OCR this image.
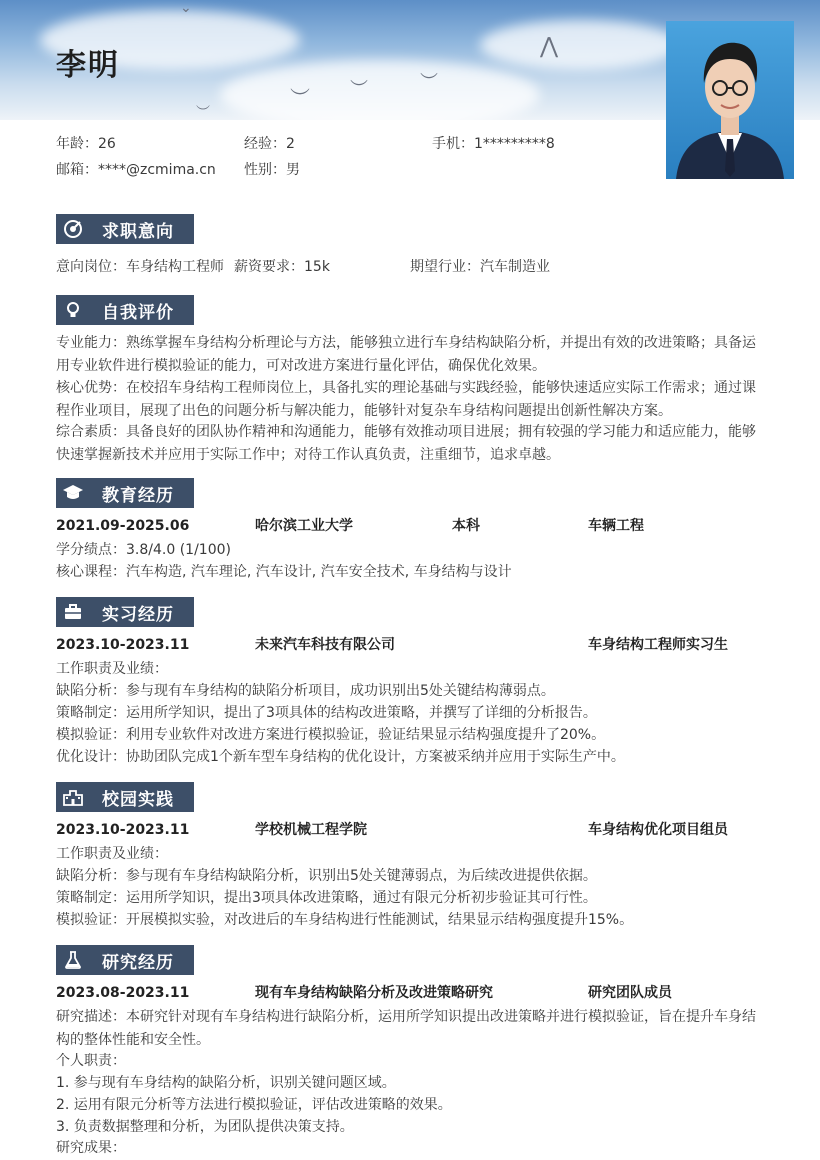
⌄
︶ ︶	︶
⋀
︶
李明
年龄：26	经验：2	手机：1*********8
邮箱：****@zcmima.cn 性别：男
求职意向
意向岗位：车身结构工程师 薪资要求：15k	期望行业：汽车制造业
自我评价
专业能力：熟练掌握车身结构分析理论与方法，能够独立进行车身结构缺陷分析，并提出有效的改进策略；具备运用专业软件进行模拟验证的能力，可对改进方案进行量化评估，确保优化效果。
核心优势：在校招车身结构工程师岗位上，具备扎实的理论基础与实践经验，能够快速适应实际工作需求；通过课程作业项目，展现了出色的问题分析与解决能力，能够针对复杂车身结构问题提出创新性解决方案。
综合素质：具备良好的团队协作精神和沟通能力，能够有效推动项目进展；拥有较强的学习能力和适应能力，能够快速掌握新技术并应用于实际工作中；对待工作认真负责，注重细节，追求卓越。
教育经历
2021.09-2025.06	哈尔滨工业大学	本科	车辆工程
学分绩点：3.8/4.0 (1/100)
核心课程：汽车构造, 汽车理论, 汽车设计, 汽车安全技术, 车身结构与设计
实习经历
2023.10-2023.11	未来汽车科技有限公司	车身结构工程师实习生
工作职责及业绩：
缺陷分析：参与现有车身结构的缺陷分析项目，成功识别出5处关键结构薄弱点。
策略制定：运用所学知识，提出了3项具体的结构改进策略，并撰写了详细的分析报告。
模拟验证：利用专业软件对改进方案进行模拟验证，验证结果显示结构强度提升了20%。
优化设计：协助团队完成1个新车型车身结构的优化设计，方案被采纳并应用于实际生产中。
校园实践
2023.10-2023.11	学校机械工程学院	车身结构优化项目组员
工作职责及业绩：
缺陷分析：参与现有车身结构缺陷分析，识别出5处关键薄弱点，为后续改进提供依据。
策略制定：运用所学知识，提出3项具体改进策略，通过有限元分析初步验证其可行性。
模拟验证：开展模拟实验，对改进后的车身结构进行性能测试，结果显示结构强度提升15%。
研究经历
2023.08-2023.11	现有车身结构缺陷分析及改进策略研究	研究团队成员
研究描述：本研究针对现有车身结构进行缺陷分析，运用所学知识提出改进策略并进行模拟验证，旨在提升车身结构的整体性能和安全性。
个人职责：
1. 参与现有车身结构的缺陷分析，识别关键问题区域。
2. 运用有限元分析等方法进行模拟验证，评估改进策略的效果。
3. 负责数据整理和分析，为团队提供决策支持。
研究成果：
